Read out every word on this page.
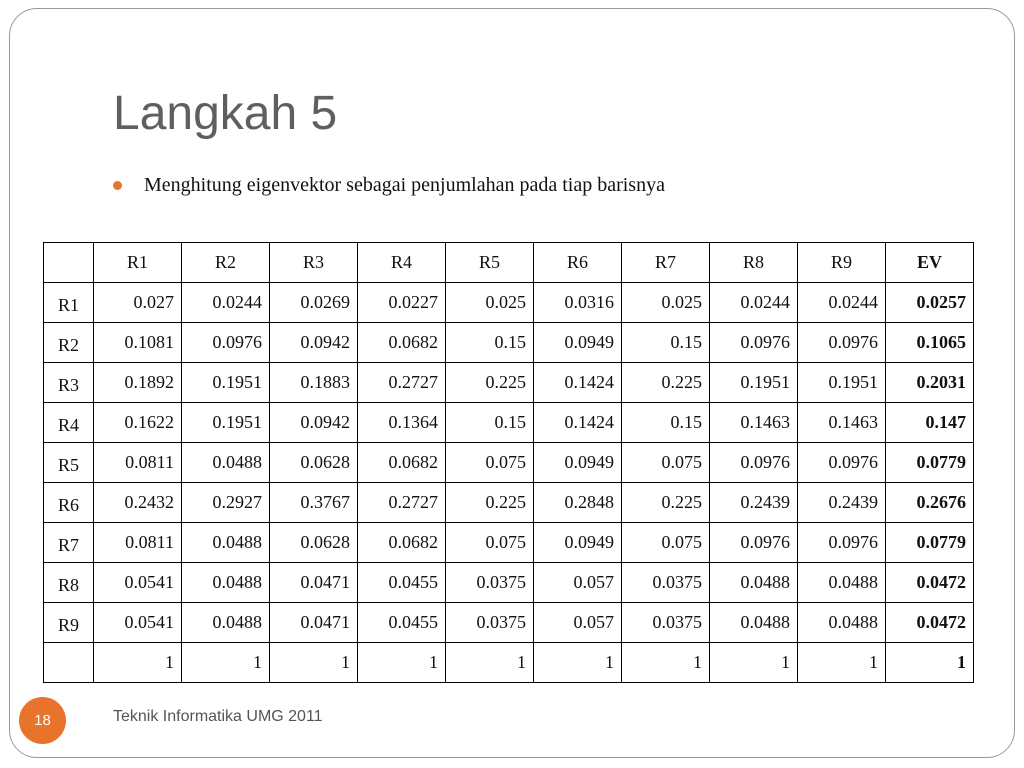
Langkah 5
Menghitung eigenvektor sebagai penjumlahan pada tiap barisnya
	R1	R2	R3	R4	R5	R6	R7	R8	R9	EV
R1	0.027	0.0244	0.0269	0.0227	0.025	0.0316	0.025	0.0244	0.0244	0.0257
R2	0.1081	0.0976	0.0942	0.0682	0.15	0.0949	0.15	0.0976	0.0976	0.1065
R3	0.1892	0.1951	0.1883	0.2727	0.225	0.1424	0.225	0.1951	0.1951	0.2031
R4	0.1622	0.1951	0.0942	0.1364	0.15	0.1424	0.15	0.1463	0.1463	0.147
R5	0.0811	0.0488	0.0628	0.0682	0.075	0.0949	0.075	0.0976	0.0976	0.0779
R6	0.2432	0.2927	0.3767	0.2727	0.225	0.2848	0.225	0.2439	0.2439	0.2676
R7	0.0811	0.0488	0.0628	0.0682	0.075	0.0949	0.075	0.0976	0.0976	0.0779
R8	0.0541	0.0488	0.0471	0.0455	0.0375	0.057	0.0375	0.0488	0.0488	0.0472
R9	0.0541	0.0488	0.0471	0.0455	0.0375	0.057	0.0375	0.0488	0.0488	0.0472
	1	1	1	1	1	1	1	1	1	1
18	Teknik Informatika UMG 2011
